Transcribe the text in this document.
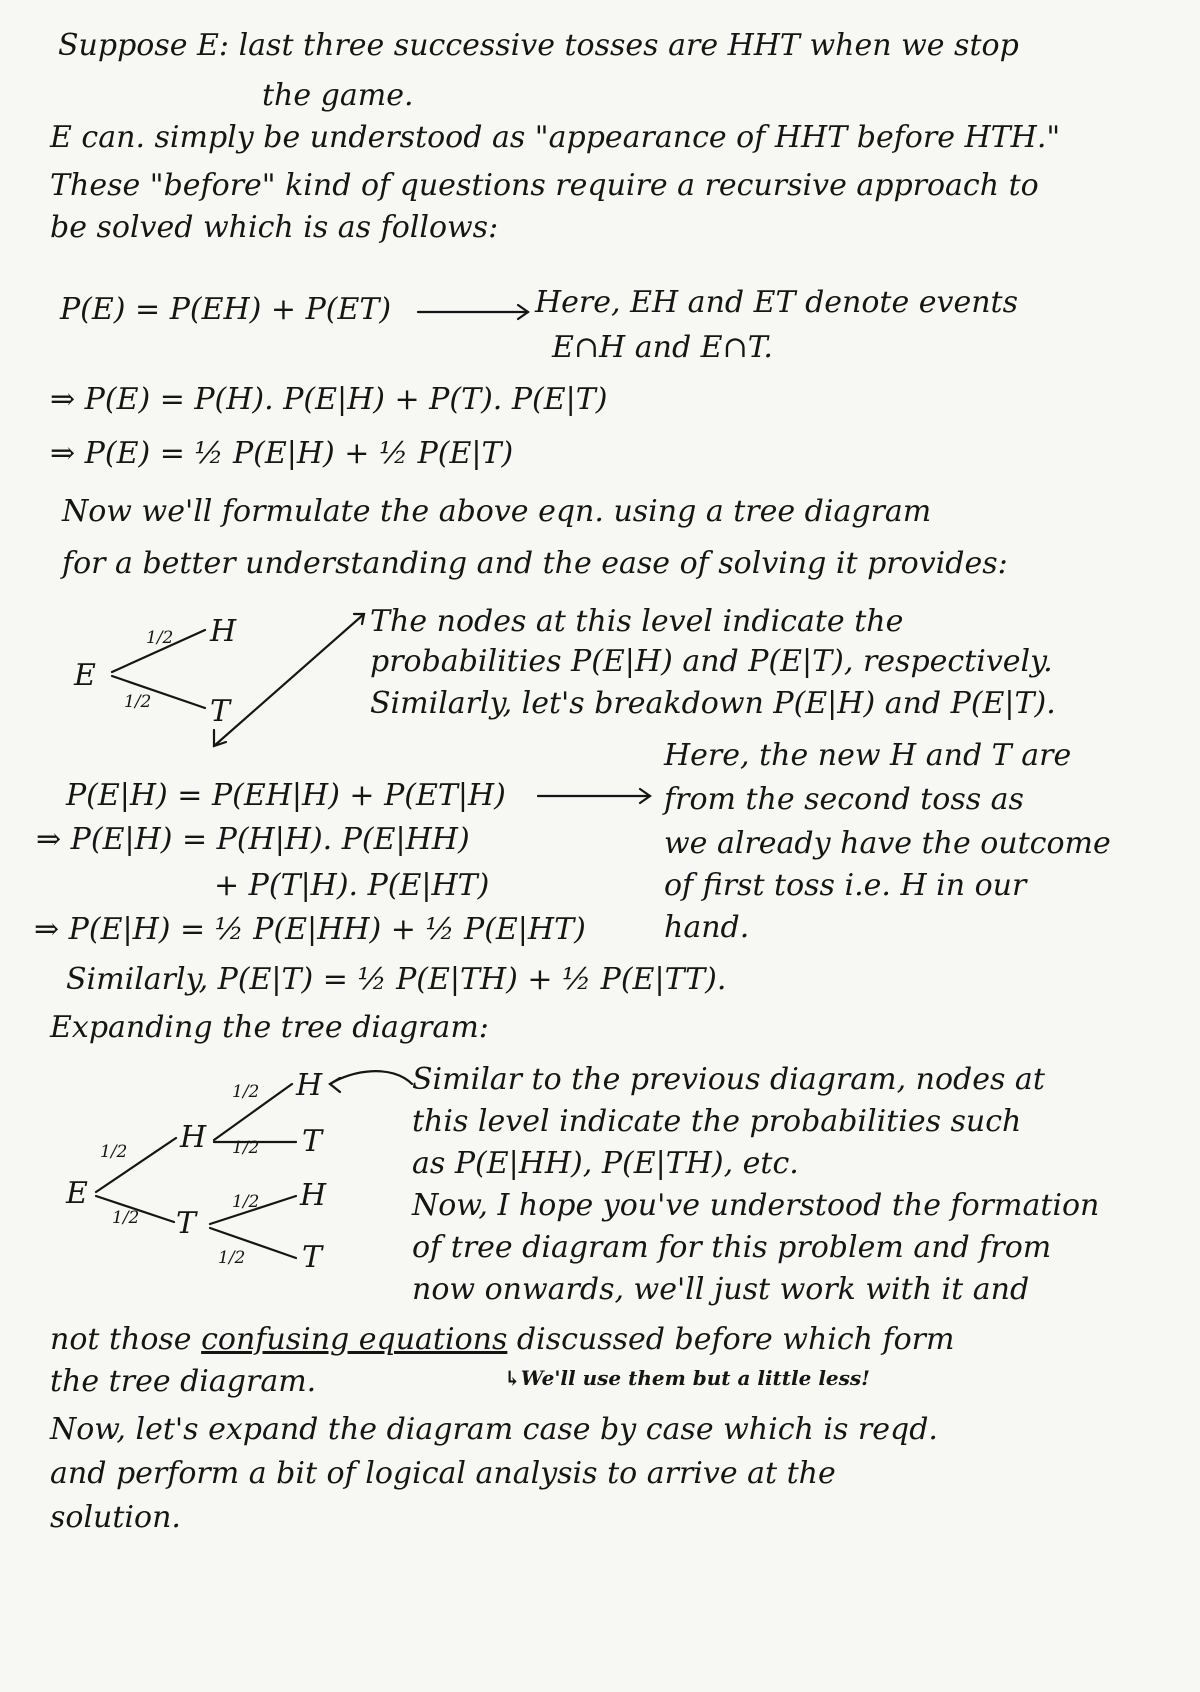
Suppose E: last three successive tosses are HHT when we stop
the game.
E can. simply be understood as "appearance of HHT before HTH."
These "before" kind of questions require a recursive approach to
be solved which is as follows:
P(E) = P(EH) + P(ET)	Here, EH and ET denote events
E∩H and E∩T.
⇒ P(E) = P(H). P(E|H) + P(T). P(E|T)
⇒ P(E) = ½ P(E|H) + ½ P(E|T)
Now we'll formulate the above eqn. using a tree diagram
for a better understanding and the ease of solving it provides:
E
H
T
1/2
1/2
The nodes at this level indicate the
probabilities P(E|H) and P(E|T), respectively.
Similarly, let's breakdown P(E|H) and P(E|T).
P(E|H) = P(EH|H) + P(ET|H)
⇒ P(E|H) = P(H|H). P(E|HH)
+ P(T|H). P(E|HT)
⇒ P(E|H) = ½ P(E|HH) + ½ P(E|HT)
Similarly, P(E|T) = ½ P(E|TH) + ½ P(E|TT).
Here, the new H and T are
from the second toss as
we already have the outcome
of first toss i.e. H in our
hand.
Expanding the tree diagram:
E
H
T
H
T
H
T
1/2
1/2
1/2
1/2
1/2
1/2
Similar to the previous diagram, nodes at
this level indicate the probabilities such
as P(E|HH), P(E|TH), etc.
Now, I hope you've understood the formation
of tree diagram for this problem and from
now onwards, we'll just work with it and
not those confusing equations discussed before which form
the tree diagram.	↳We'll use them but a little less!
Now, let's expand the diagram case by case which is reqd.
and perform a bit of logical analysis to arrive at the
solution.
